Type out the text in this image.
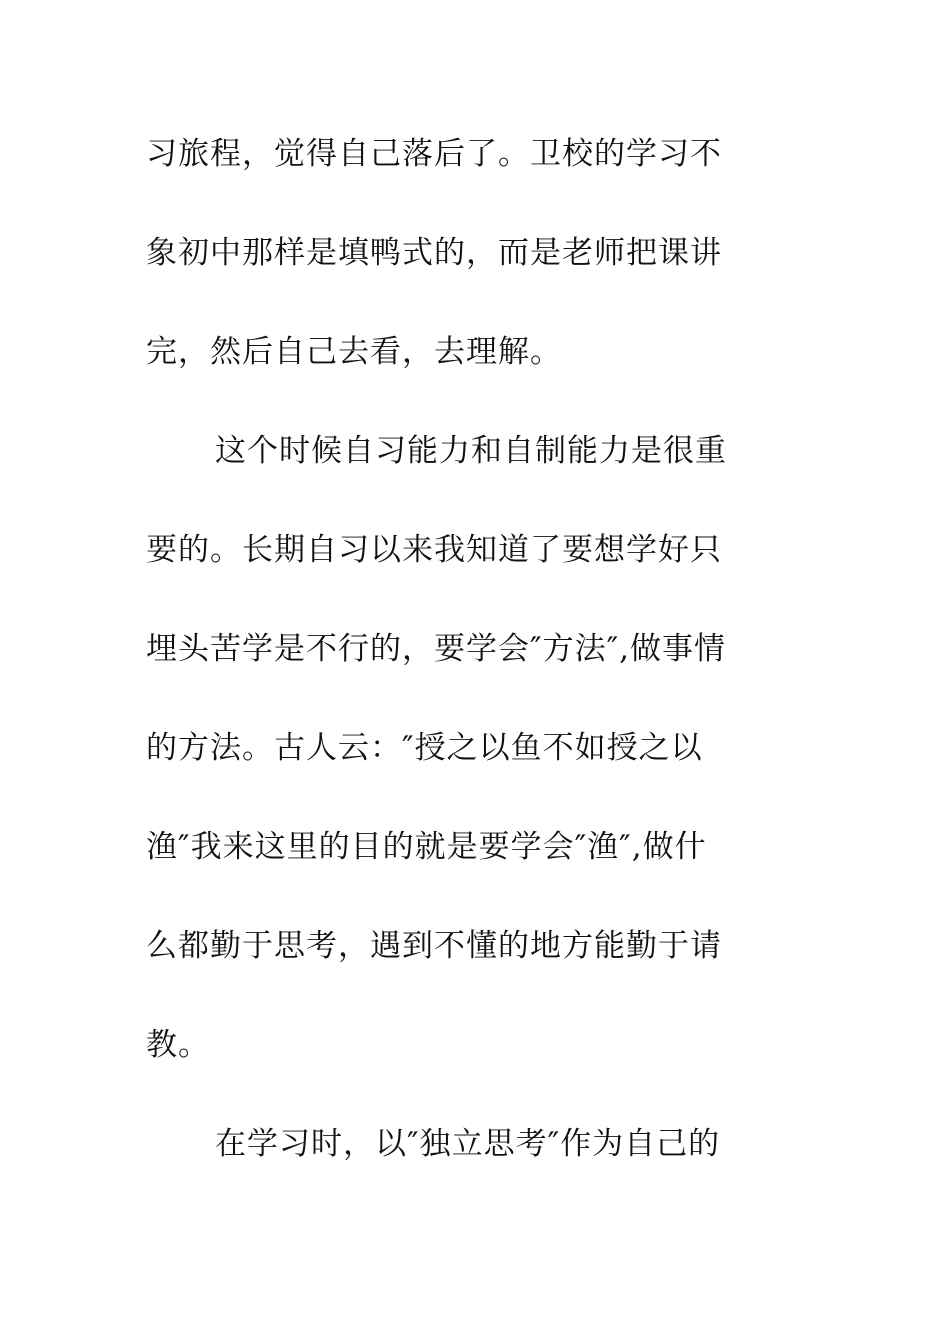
习旅程，觉得自己落后了。卫校的学习不
象初中那样是填鸭式的，而是老师把课讲
完，然后自己去看，去理解。
这个时候自习能力和自制能力是很重
要的。长期自习以来我知道了要想学好只
埋头苦学是不行的，要学会″方法″,做事情
的方法。古人云：″授之以鱼不如授之以
渔″我来这里的目的就是要学会″渔″,做什
么都勤于思考，遇到不懂的地方能勤于请
教。
在学习时，以″独立思考″作为自己的
